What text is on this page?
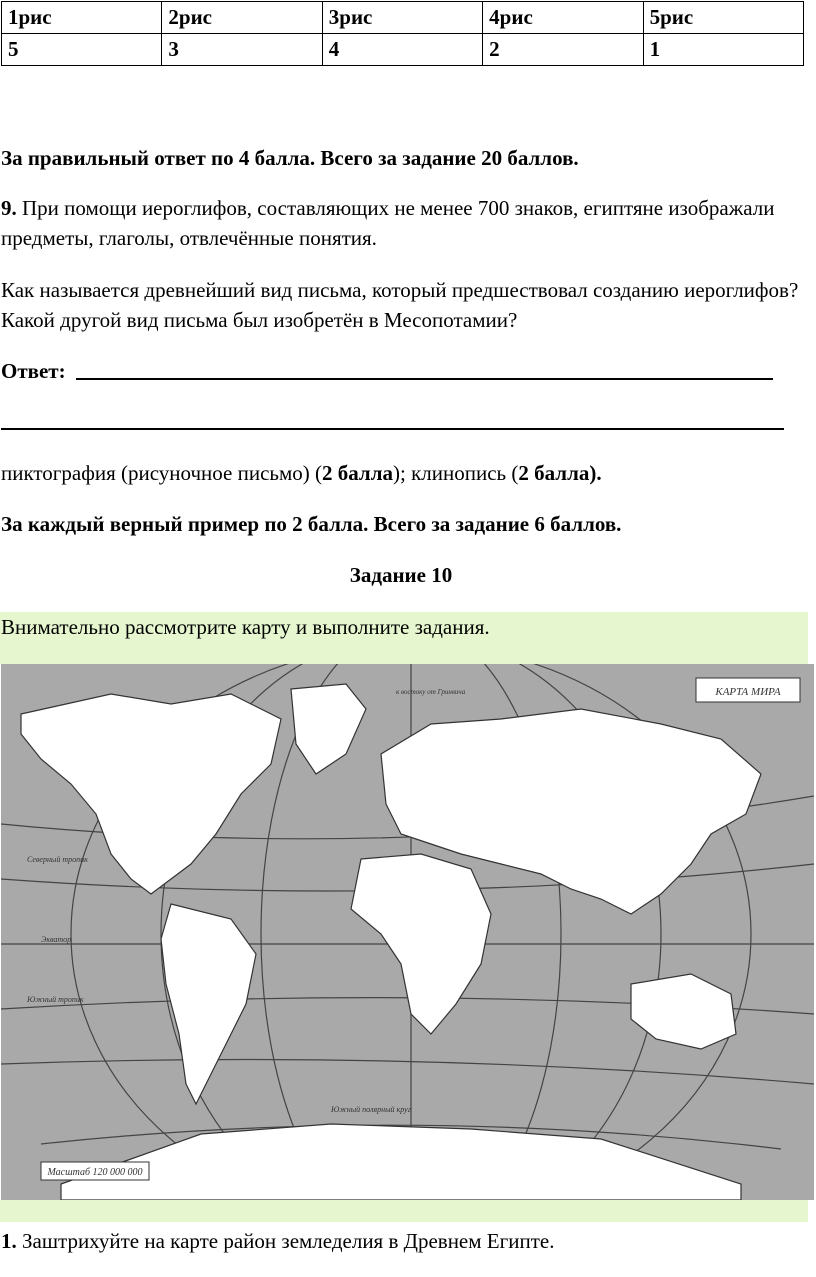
1рис	2рис	3рис	4рис	5рис
5	3	4	2	1

За правильный ответ по 4 балла. Всего за задание 20 баллов.

9. При помощи иероглифов, составляющих не менее 700 знаков, египтяне изображали предметы, глаголы, отвлечённые понятия.

Как называется древнейший вид письма, который предшествовал созданию иероглифов? Какой другой вид письма был изобретён в Месопотамии?

Ответ:

пиктография (рисуночное письмо) (2 балла); клинопись (2 балла).

За каждый верный пример по 2 балла. Всего за задание 6 баллов.

Задание 10

Внимательно рассмотрите карту и выполните задания.

КАРТА МИРА
Масштаб 120 000 000
Северный тропик
Экватор
Южный тропик
Южный полярный круг
к востоку от Гринвича

1. Заштрихуйте на карте район земледелия в Древнем Египте.
